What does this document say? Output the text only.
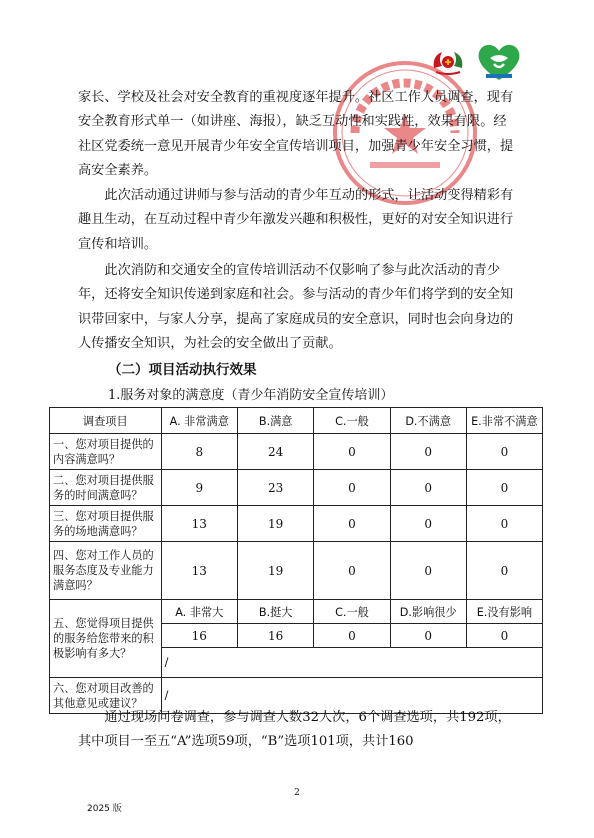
家长、学校及社会对安全教育的重视度逐年提升。社区工作人员调查，现有安全教育形式单一（如讲座、海报），缺乏互动性和实践性，效果有限。经社区党委统一意见开展青少年安全宣传培训项目，加强青少年安全习惯，提高安全素养。

此次活动通过讲师与参与活动的青少年互动的形式，让活动变得精彩有趣且生动，在互动过程中青少年激发兴趣和积极性，更好的对安全知识进行宣传和培训。

此次消防和交通安全的宣传培训活动不仅影响了参与此次活动的青少年，还将安全知识传递到家庭和社会。参与活动的青少年们将学到的安全知识带回家中，与家人分享，提高了家庭成员的安全意识，同时也会向身边的人传播安全知识，为社会的安全做出了贡献。

（二）项目活动执行效果
1.服务对象的满意度（青少年消防安全宣传培训）
调查项目	A. 非常满意	B.满意	C.一般	D.不满意	E.非常不满意
一、您对项目提供的内容满意吗？	8	24	0	0	0
二、您对项目提供服务的时间满意吗？	9	23	0	0	0
三、您对项目提供服务的场地满意吗？	13	19	0	0	0
四、您对工作人员的服务态度及专业能力满意吗？	13	19	0	0	0
五、您觉得项目提供的服务给您带来的积极影响有多大？	A. 非常大	B.挺大	C.一般	D.影响很少	E.没有影响
	16	16	0	0	0
	/				
六、您对项目改善的其他意见或建议？	/				

通过现场问卷调查，参与调查人数32人次，6个调查选项，共192项，其中项目一至五“A”选项59项，“B”选项101项，共计160

2
2025 版
